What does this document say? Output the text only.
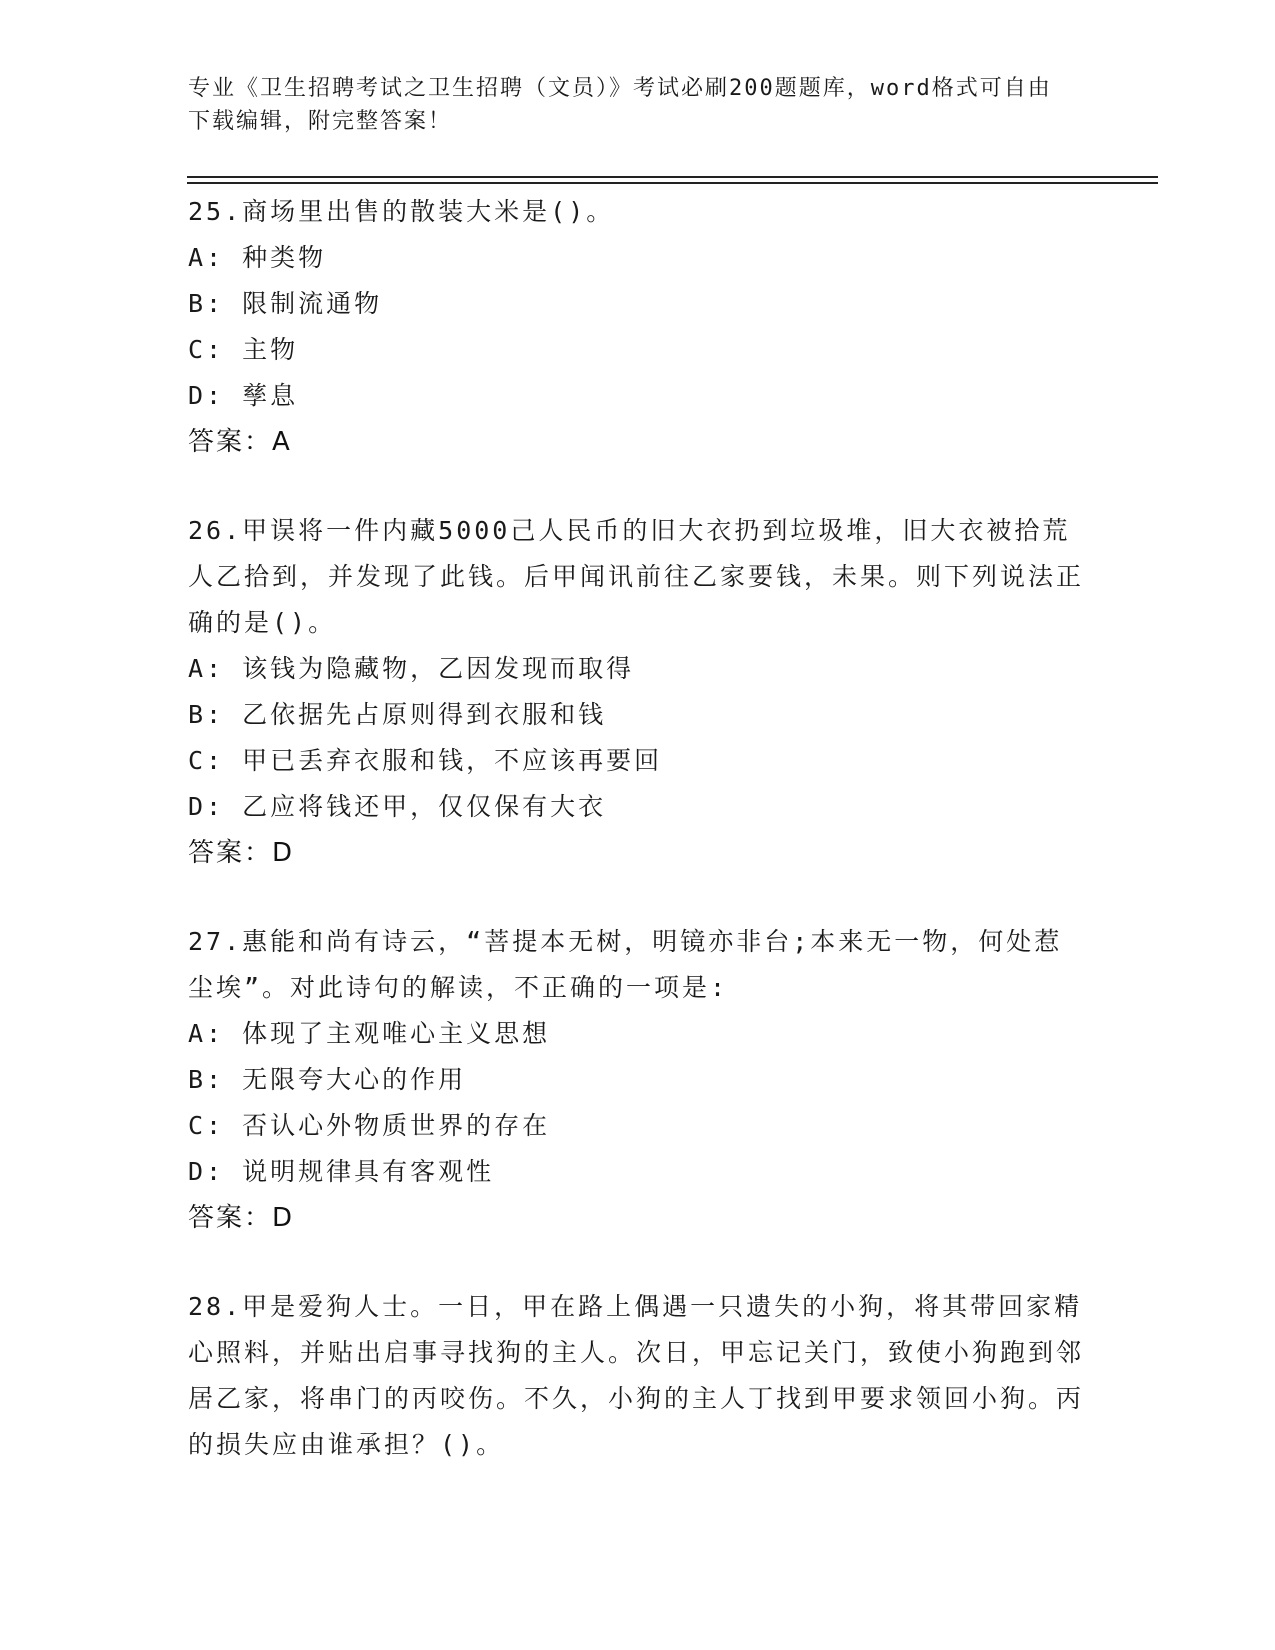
专业《卫生招聘考试之卫生招聘（文员）》考试必刷200题题库，word格式可自由下载编辑，附完整答案！

25.商场里出售的散装大米是()。

A: 种类物

B: 限制流通物

C: 主物

D: 孳息

答案：A

26.甲误将一件内藏5000己人民币的旧大衣扔到垃圾堆，旧大衣被拾荒人乙拾到，并发现了此钱。后甲闻讯前往乙家要钱，未果。则下列说法正确的是()。

A: 该钱为隐藏物，乙因发现而取得

B: 乙依据先占原则得到衣服和钱

C: 甲已丢弃衣服和钱，不应该再要回

D: 乙应将钱还甲，仅仅保有大衣

答案：D

27.惠能和尚有诗云，“菩提本无树，明镜亦非台;本来无一物，何处惹尘埃”。对此诗句的解读，不正确的一项是:

A: 体现了主观唯心主义思想

B: 无限夸大心的作用

C: 否认心外物质世界的存在

D: 说明规律具有客观性

答案：D

28.甲是爱狗人士。一日，甲在路上偶遇一只遗失的小狗，将其带回家精心照料，并贴出启事寻找狗的主人。次日，甲忘记关门，致使小狗跑到邻居乙家，将串门的丙咬伤。不久，小狗的主人丁找到甲要求领回小狗。丙的损失应由谁承担？()。
